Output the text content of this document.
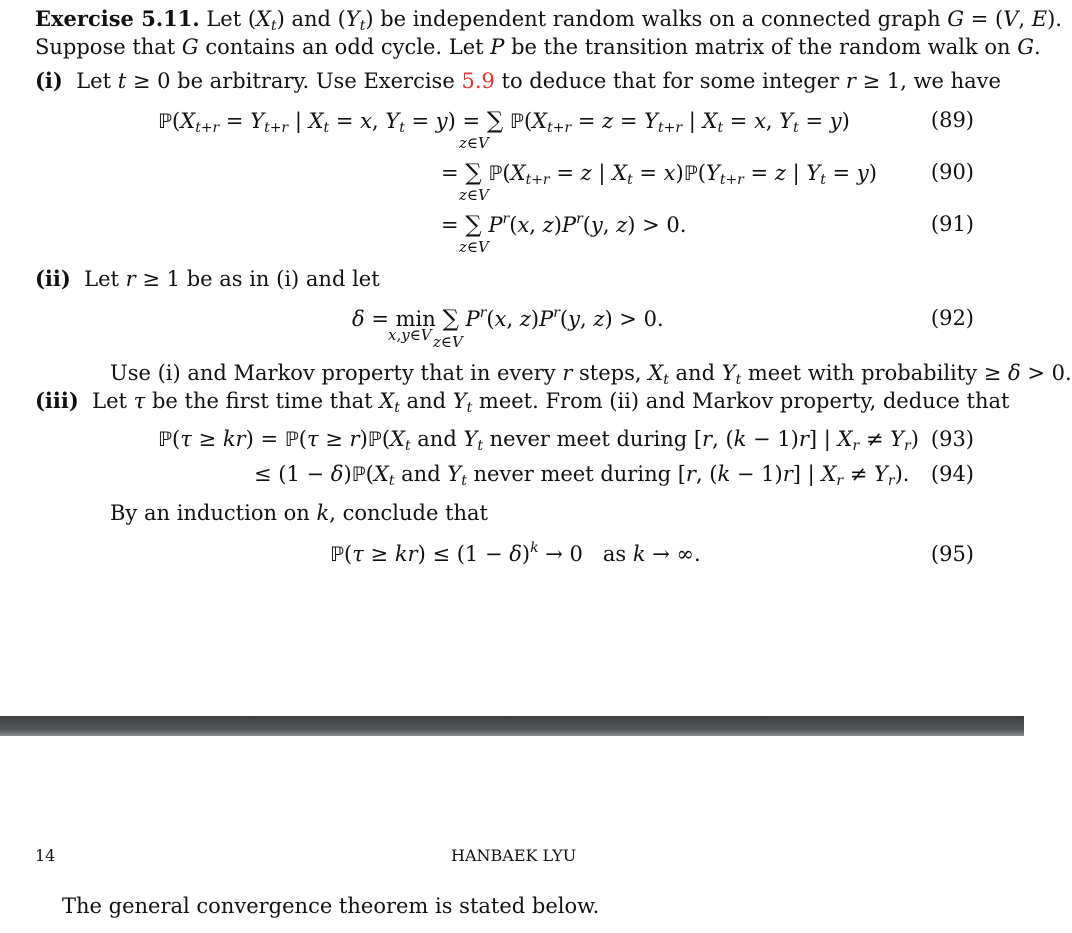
Exercise 5.11. Let $(X_t)$ and $(Y_t)$ be independent random walks on a connected graph G = (V, E).
Suppose that G contains an odd cycle. Let P be the transition matrix of the random walk on G.
(i)  Let t ≥ 0 be arbitrary. Use Exercise 5.9 to deduce that for some integer r ≥ 1, we have
$ℙ(X_{t+r} = Y_{t+r}$ | $X_t = x$, $Y_t = y$) = ∑ $ℙ(X_{t+r} = z = Y_{t+r}$ | $X_t = x$, $Y_t = y$)
z∈V
(89)
= ∑ $ℙ(X_{t+r} = z$ | $X_t$ = $x)ℙ(Y_{t+r} = z$ | $Y_t = y$)
z∈V
(90)
= ∑ $P^r(x$, $z)P^r(y$, z) > 0.
z∈V
(91)
(ii)  Let r ≥ 1 be as in (i) and let
δ = min ∑ $P^r(x$, $z)P^r(y$, z) > 0.
x,y∈V z∈V
(92)
Use (i) and Markov property that in every r steps, $X_t$ and $Y_t$ meet with probability ≥ δ > 0.
(iii)  Let τ be the first time that $X_t$ and $Y_t$ meet. From (ii) and Markov property, deduce that
ℙ(τ ≥ kr) = ℙ(τ ≥ $r)ℙ(X_t$ and $Y_t$ never meet during [r, (k − 1)r] | $X_r \ne Y_r$) (93)
≤ $(1 - \delta)ℙ(X_t$ and $Y_t$ never meet during [r, (k − 1)r] | $X_r \ne Y_r$). (94)
By an induction on k, conclude that
ℙ(τ ≥ $kr) \le (1 - \delta)^k \to 0$   as k → ∞.	(95)
14	HANBAEK LYU
The general convergence theorem is stated below.
